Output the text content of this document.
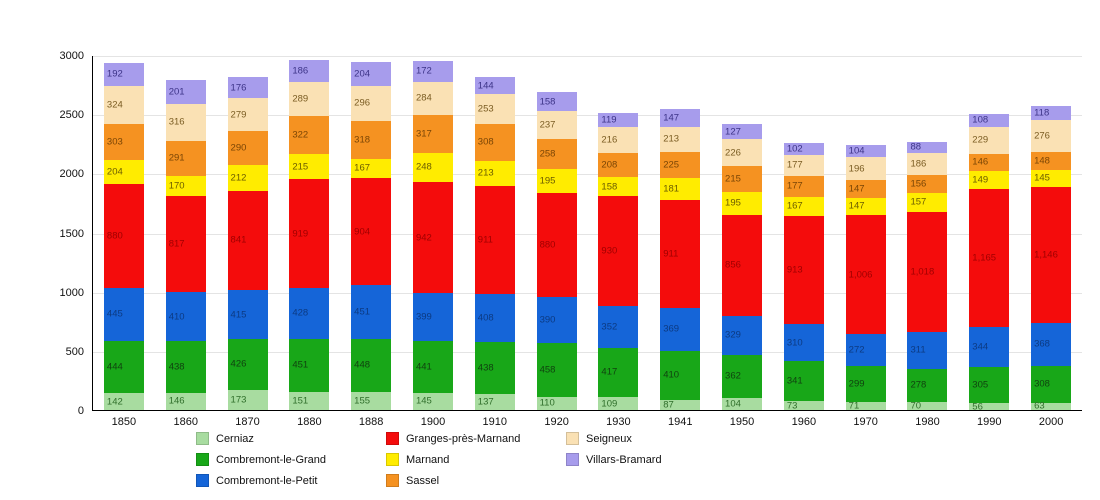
192
324
303
204
880
445
444
142
1850
201
316
291
170
817
410
438
146
1860
176
279
290
212
841
415
426
173
1870
186
289
322
215
919
428
451
151
1880
204
296
318
167
904
451
448
155
1888
172
284
317
248
942
399
441
145
1900
144
253
308
213
911
408
438
137
1910
158
237
258
195
880
390
458
110
1920
119
216
208
158
930
352
417
109
1930
147
213
225
181
911
369
410
87
1941
127
226
215
195
856
329
362
104
1950
102
177
177
167
913
310
341
73
1960
104
196
147
147
1,006
272
299
71
1970
88
186
156
157
1,018
311
278
70
1980
108
229
146
149
1,165
344
305
56
1990
118
276
148
145
1,146
368
308
63
2000
0
500
1000
1500
2000
2500
3000
Cerniaz	Granges-près-Marnand	Seigneux
Combremont-le-Grand	Marnand	Villars-Bramard
Combremont-le-Petit	Sassel
